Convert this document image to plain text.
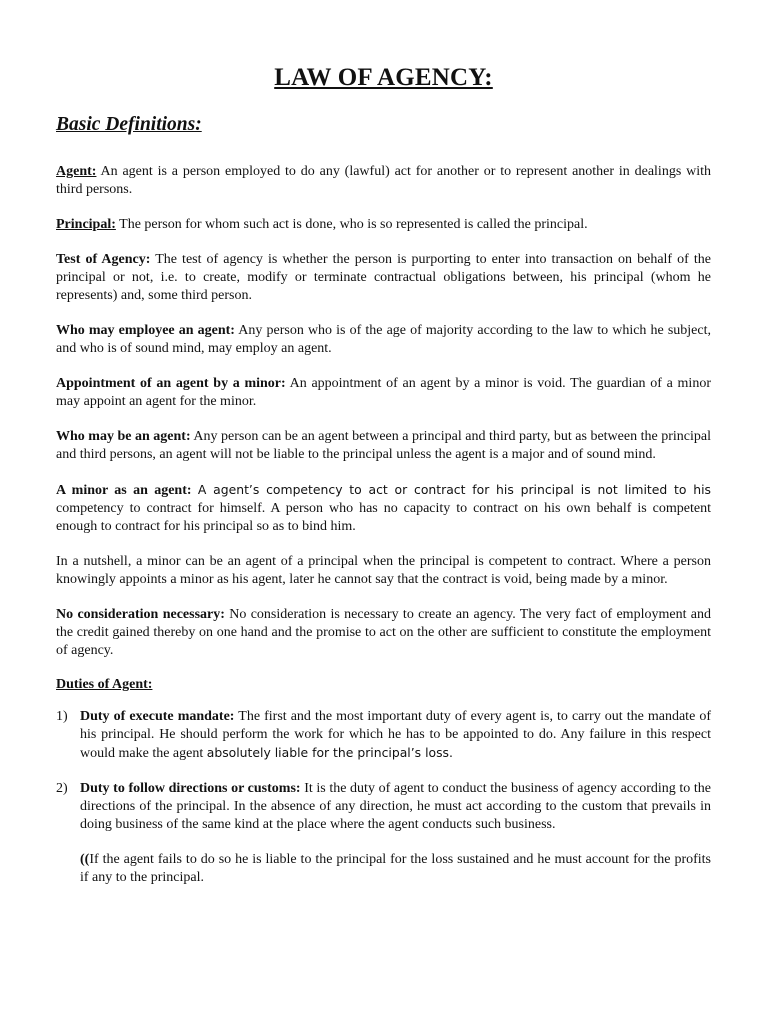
LAW OF AGENCY:
Basic Definitions:

Agent: An agent is a person employed to do any (lawful) act for another or to represent another in dealings with third persons.

Principal: The person for whom such act is done, who is so represented is called the principal.

Test of Agency: The test of agency is whether the person is purporting to enter into transaction on behalf of the principal or not, i.e. to create, modify or terminate contractual obligations between, his principal (whom he represents) and, some third person.

Who may employee an agent: Any person who is of the age of majority according to the law to which he subject, and who is of sound mind, may employ an agent.

Appointment of an agent by a minor: An appointment of an agent by a minor is void. The guardian of a minor may appoint an agent for the minor.

Who may be an agent: Any person can be an agent between a principal and third party, but as between the principal and third persons, an agent will not be liable to the principal unless the agent is a major and of sound mind.

A minor as an agent: A agent’s competency to act or contract for his principal is not limited to his competency to contract for himself. A person who has no capacity to contract on his own behalf is competent enough to contract for his principal so as to bind him.

In a nutshell, a minor can be an agent of a principal when the principal is competent to contract. Where a person knowingly appoints a minor as his agent, later he cannot say that the contract is void, being made by a minor.

No consideration necessary: No consideration is necessary to create an agency. The very fact of employment and the credit gained thereby on one hand and the promise to act on the other are sufficient to constitute the employment of agency.

Duties of Agent:
1) Duty of execute mandate: The first and the most important duty of every agent is, to carry out the mandate of his principal. He should perform the work for which he has to be appointed to do. Any failure in this respect would make the agent absolutely liable for the principal’s loss.

2) Duty to follow directions or customs: It is the duty of agent to conduct the business of agency according to the directions of the principal. In the absence of any direction, he must act according to the custom that prevails in doing business of the same kind at the place where the agent conducts such business.

((If the agent fails to do so he is liable to the principal for the loss sustained and he must account for the profits if any to the principal.
